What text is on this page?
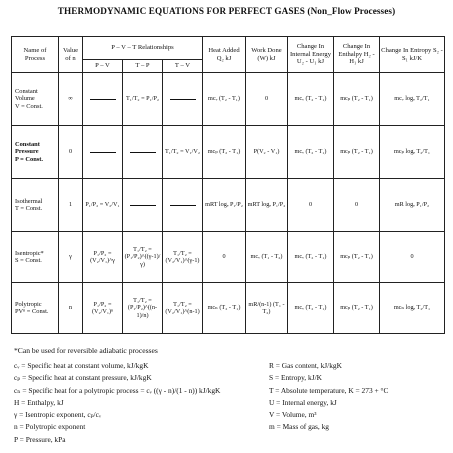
THERMODYNAMIC EQUATIONS FOR PERFECT GASES (Non_Flow Processes)
Name of Process	Value of n	P – V – T Relationships			Heat Added Q₂ kJ	Work Done (W) kJ	Change In Internal Energy U₂ - U₁ kJ	Change In Enthalpy H₂ - H₁ kJ	Change In Entropy S₂ - S₁ kJ/K
		P – V	T – P	T – V					
Constant Volume
V = Const.	∞		T₁/T₂ = P₁/P₂		mcᵥ (T₂ - T₁)	0	mcᵥ (T₂ - T₁)	mcₚ (T₂ - T₁)	mcᵥ logₑ T₂/T₁
Constant Pressure
P = Const.	0			T₁/T₂ = V₁/V₂	mcₚ (T₂ - T₁)	P(V₂ - V₁)	mcᵥ (T₂ - T₁)	mcₚ (T₂ - T₁)	mcₚ logₑ T₂/T₁
Isothermal
T = Const.	1	P₁/P₂ = V₂/V₁			mRT logₑ P₁/P₂	mRT logₑ P₁/P₂	0	0	mR logₑ P₁/P₂
Isentropic*
S = Const.	γ	P₁/P₂ = (V₂/V₁)^γ	T₁/T₂ = (P₁/P₂)^((γ-1)/γ)	T₁/T₂ = (V₂/V₁)^(γ-1)	0	mcᵥ (T₁ - T₂)	mcᵥ (T₂ - T₁)	mcₚ (T₂ - T₁)	0
Polytropic
PVⁿ = Const.	n	P₁/P₂ = (V₂/V₁)ⁿ	T₁/T₂ = (P₁/P₂)^((n-1)/n)	T₁/T₂ = (V₂/V₁)^(n-1)	mcₙ (T₂ - T₁)	mR/(n-1) (T₁ - T₂)	mcᵥ (T₂ - T₁)	mcₚ (T₂ - T₁)	mcₙ logₑ T₂/T₁
*Can be used for reversible adiabatic processes
cᵥ = Specific heat at constant volume, kJ/kgK
cₚ = Specific heat at constant pressure, kJ/kgK
cₙ = Specific heat for a polytropic process = cᵥ ((γ - n)/(1 - n)) kJ/kgK
H = Enthalpy, kJ
γ = Isentropic exponent, cₚ/cᵥ
n = Polytropic exponent
P = Pressure, kPa
R = Gas content, kJ/kgK
S = Entropy, kJ/K
T = Absolute temperature, K = 273 + °C
U = Internal energy, kJ
V = Volume, m³
m = Mass of gas, kg
